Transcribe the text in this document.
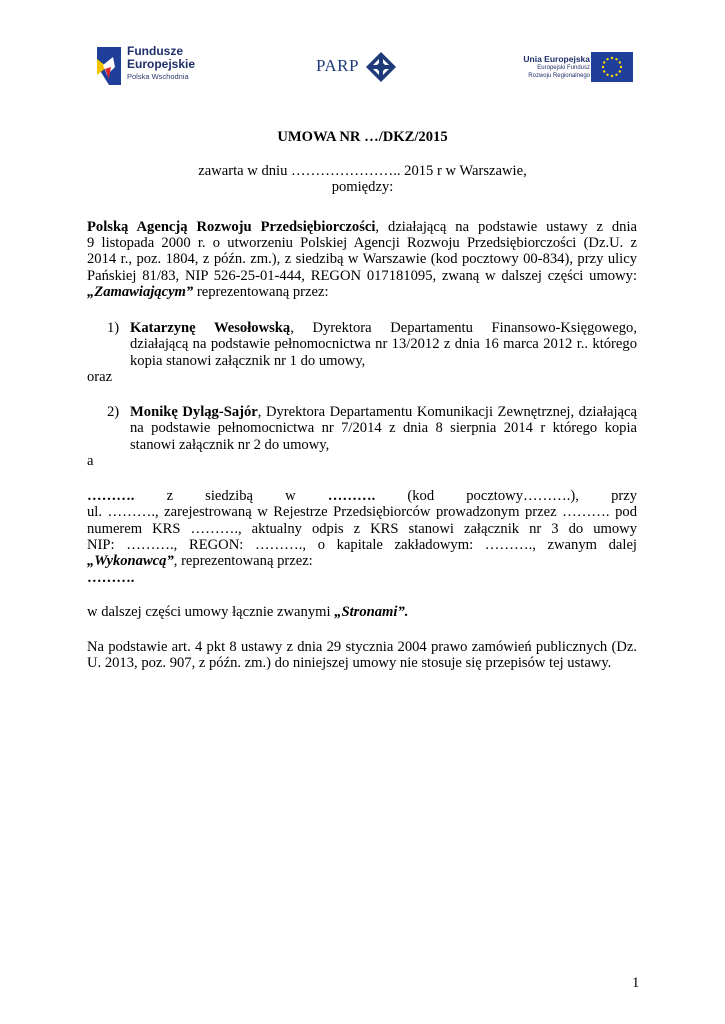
Fundusze
Europejskie
Polska Wschodnia
PARP	Unia Europejska
Europejski Fundusz
Rozwoju Regionalnego
UMOWA NR …/DKZ/2015
zawarta w dniu ………………….. 2015 r w Warszawie,
pomiędzy:
Polską Agencją Rozwoju Przedsiębiorczości, działającą na podstawie ustawy z dnia
9 listopada 2000 r. o utworzeniu Polskiej Agencji Rozwoju Przedsiębiorczości (Dz.U. z
2014 r., poz. 1804, z późn. zm.), z siedzibą w Warszawie (kod pocztowy 00-834), przy ulicy
Pańskiej 81/83, NIP 526-25-01-444, REGON 017181095, zwaną w dalszej części umowy:
„Zamawiającym” reprezentowaną przez:
1) Katarzynę Wesołowską, Dyrektora Departamentu Finansowo-Księgowego,
działającą na podstawie pełnomocnictwa nr 13/2012 z dnia 16 marca 2012 r.. którego
kopia stanowi załącznik nr 1 do umowy,
oraz
2) Monikę Dyląg-Sajór, Dyrektora Departamentu Komunikacji Zewnętrznej, działającą
na podstawie pełnomocnictwa nr 7/2014 z dnia 8 sierpnia 2014 r którego kopia
stanowi załącznik nr 2 do umowy,
a
………. z siedzibą w ………. (kod pocztowy……….), przy
ul. ………., zarejestrowaną w Rejestrze Przedsiębiorców prowadzonym przez ………. pod
numerem KRS ………., aktualny odpis z KRS stanowi załącznik nr 3 do umowy
NIP: ………., REGON: ………., o kapitale zakładowym: ………., zwanym dalej
„Wykonawcą”, reprezentowaną przez:
……….
w dalszej części umowy łącznie zwanymi „Stronami”.
Na podstawie art. 4 pkt 8 ustawy z dnia 29 stycznia 2004 prawo zamówień publicznych (Dz.
U. 2013, poz. 907, z późn. zm.) do niniejszej umowy nie stosuje się przepisów tej ustawy.
1
